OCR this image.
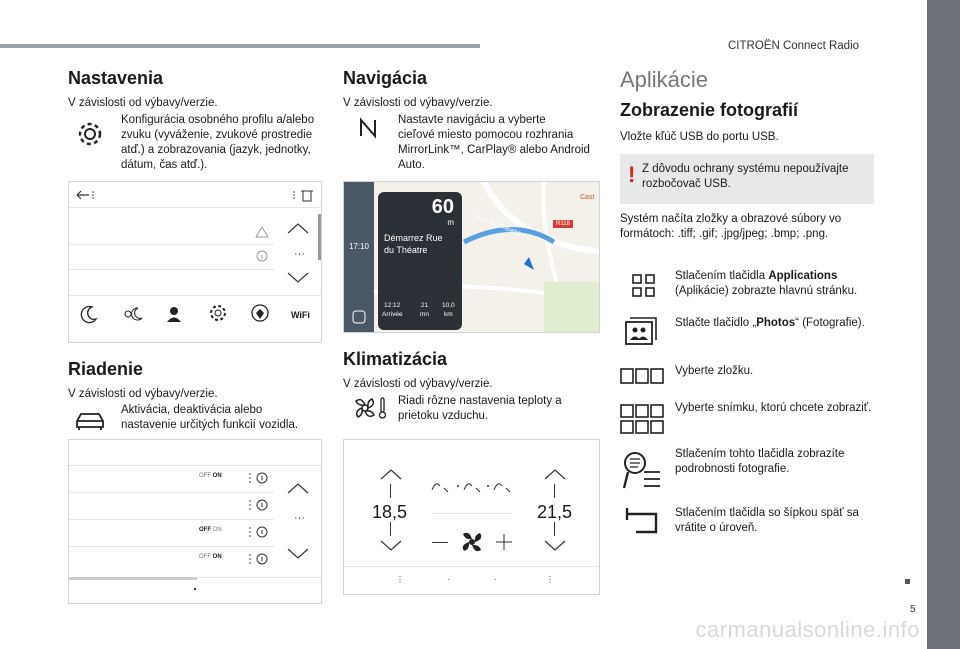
CITROËN Connect Radio
Nastavenia
V závislosti od výbavy/verzie.
Konfigurácia osobného profilu a/alebo
zvuku (vyváženie, zvukové prostredie
atď.) a zobrazovania (jazyk, jednotky,
dátum, čas atď.).
···
WiFi
Riadenie
V závislosti od výbavy/verzie.
Aktivácia, deaktivácia alebo
nastavenie určitých funkcií vozidla.
OFF ON
OFF ON
OFF ON
···
Navigácia
V závislosti od výbavy/verzie.
Nastavte navigáciu a vyberte
cieľové miesto pomocou rozhrania
MirrorLink™, CarPlay® alebo Android
Auto.
17:10
R118
Cast
Rue du Théatre
60
m
Démarrez Rue
du Théatre
12:12
Arrivée
21
mn
10,0
km
Klimatizácia
V závislosti od výbavy/verzie.
Riadi rôzne nastavenia teploty a
prietoku vzduchu.
18,5	21,5
⋮	·	·	⋮
Aplikácie
Zobrazenie fotografií
Vložte kľúč USB do portu USB.
! Z dôvodu ochrany systému nepoužívajte
rozbočovač USB.
Systém načíta zložky a obrazové súbory vo
formátoch: .tiff; .gif; .jpg/jpeg; .bmp; .png.
Stlačením tlačidla Applications
(Aplikácie) zobrazte hlavnú stránku.
Stlačte tlačidlo „Photos“ (Fotografie).
Vyberte zložku.
Vyberte snímku, ktorú chcete zobraziť.
Stlačením tohto tlačidla zobrazíte
podrobnosti fotografie.
Stlačením tlačidla so šípkou späť sa
vrátite o úroveň.
5
carmanualsonline.info
